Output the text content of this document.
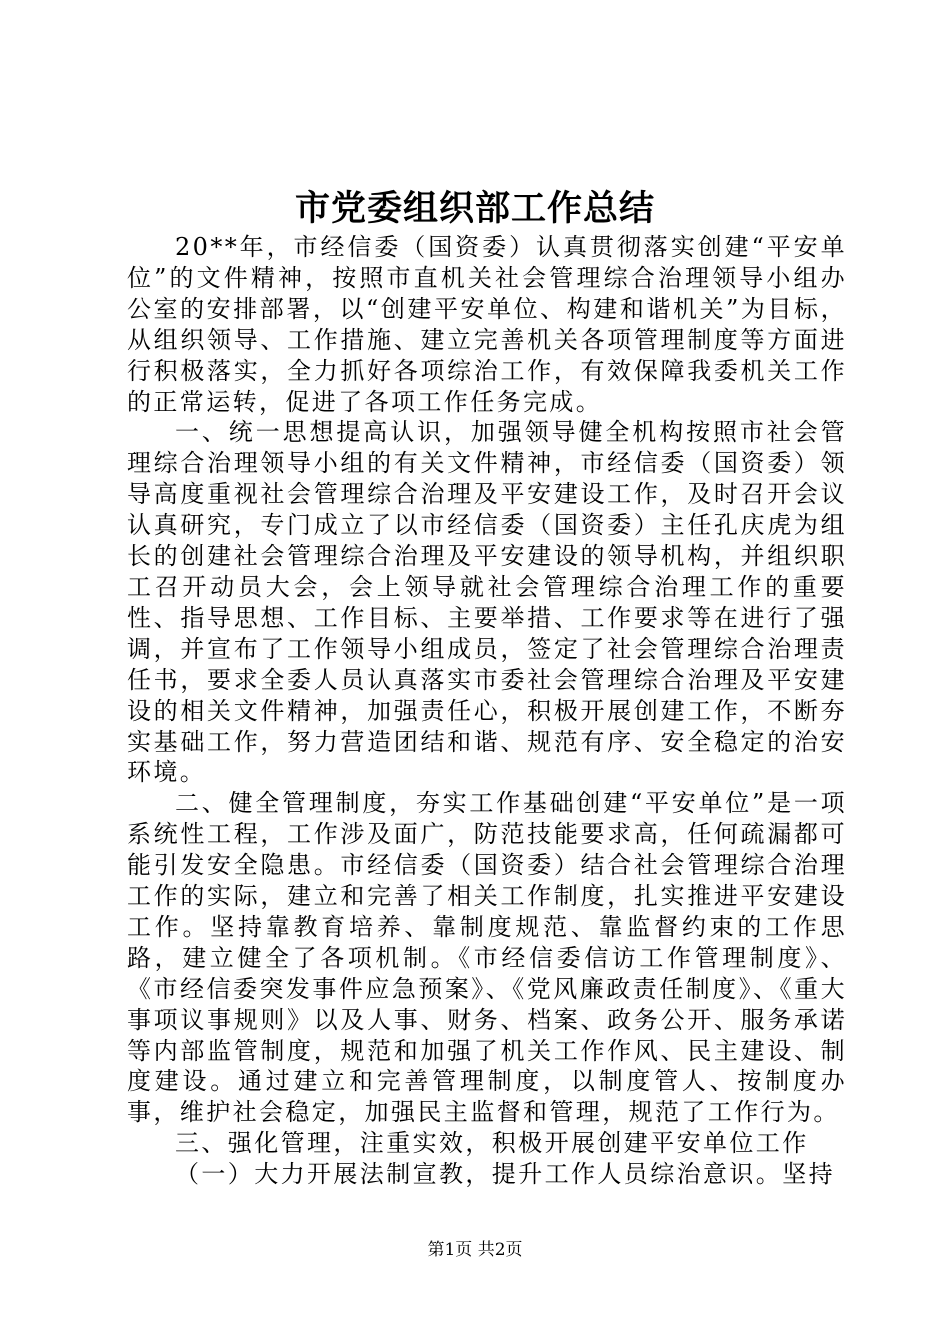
市党委组织部工作总结

20**年，市经信委（国资委）认真贯彻落实创建“平安单位”的文件精神，按照市直机关社会管理综合治理领导小组办公室的安排部署，以“创建平安单位、构建和谐机关”为目标，从组织领导、工作措施、建立完善机关各项管理制度等方面进行积极落实，全力抓好各项综治工作，有效保障我委机关工作的正常运转，促进了各项工作任务完成。

一、统一思想提高认识，加强领导健全机构按照市社会管理综合治理领导小组的有关文件精神，市经信委（国资委）领导高度重视社会管理综合治理及平安建设工作，及时召开会议认真研究，专门成立了以市经信委（国资委）主任孔庆虎为组长的创建社会管理综合治理及平安建设的领导机构，并组织职工召开动员大会，会上领导就社会管理综合治理工作的重要性、指导思想、工作目标、主要举措、工作要求等在进行了强调，并宣布了工作领导小组成员，签定了社会管理综合治理责任书，要求全委人员认真落实市委社会管理综合治理及平安建设的相关文件精神，加强责任心，积极开展创建工作，不断夯实基础工作，努力营造团结和谐、规范有序、安全稳定的治安环境。

二、健全管理制度，夯实工作基础创建“平安单位”是一项系统性工程，工作涉及面广，防范技能要求高，任何疏漏都可能引发安全隐患。市经信委（国资委）结合社会管理综合治理工作的实际，建立和完善了相关工作制度，扎实推进平安建设工作。坚持靠教育培养、靠制度规范、靠监督约束的工作思路，建立健全了各项机制。《市经信委信访工作管理制度》、《市经信委突发事件应急预案》、《党风廉政责任制度》、《重大事项议事规则》以及人事、财务、档案、政务公开、服务承诺等内部监管制度，规范和加强了机关工作作风、民主建设、制度建设。通过建立和完善管理制度，以制度管人、按制度办事，维护社会稳定，加强民主监督和管理，规范了工作行为。

三、强化管理，注重实效，积极开展创建平安单位工作

（一）大力开展法制宣教，提升工作人员综治意识。坚持

第1页 共2页
